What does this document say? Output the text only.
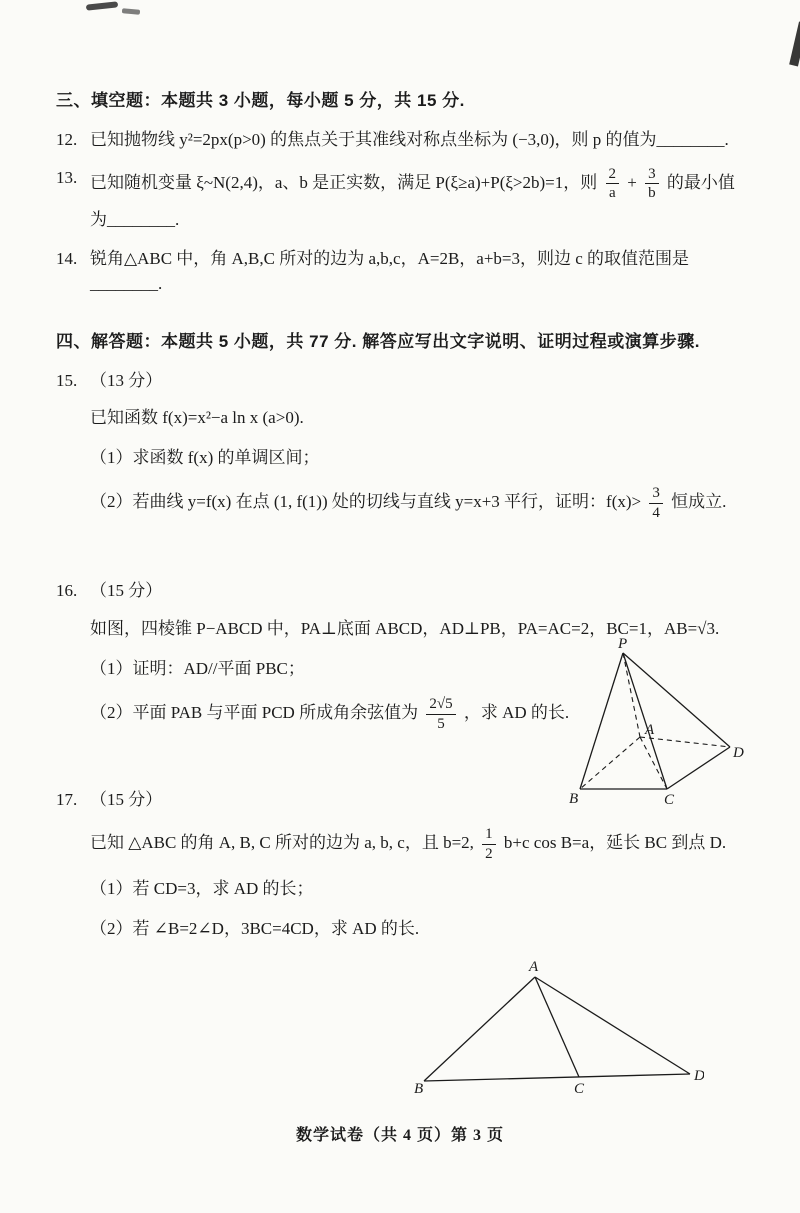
三、填空题：本题共 3 小题，每小题 5 分，共 15 分.
12. 已知抛物线 y²=2px(p>0) 的焦点关于其准线对称点坐标为 (−3,0)，则 p 的值为________.
13. 已知随机变量 ξ~N(2,4)，a、b 是正实数，满足 P(ξ≥a)+P(ξ>2b)=1，则 $\frac{2}{a} + \frac{3}{b}$ 的最小值
为________.
14. 锐角△ABC 中，角 A,B,C 所对的边为 a,b,c，A=2B，a+b=3，则边 c 的取值范围是________.
四、解答题：本题共 5 小题，共 77 分. 解答应写出文字说明、证明过程或演算步骤.
15. （13 分）
已知函数 f(x)=x²−a ln x (a>0).
（1）求函数 f(x) 的单调区间；
（2）若曲线 y=f(x) 在点 (1, f(1)) 处的切线与直线 y=x+3 平行，证明：$f(x)> \frac{3}{4}$ 恒成立.
16. （15 分）
如图，四棱锥 P−ABCD 中，PA⊥底面 ABCD，AD⊥PB，PA=AC=2，BC=1，AB=√3.
（1）证明：AD//平面 PBC；
（2）平面 PAB 与平面 PCD 所成角余弦值为 $\frac{2√5}{5}$ ，求 AD 的长.
P
A
B	C
D
17. （15 分）
已知 △ABC 的角 A, B, C 所对的边为 a, b, c，且 b=2, $\frac{1}{2} b+c$ cos B=a，延长 BC 到点 D.
（1）若 CD=3，求 AD 的长；
（2）若 ∠B=2∠D，3BC=4CD，求 AD 的长.
A
B	C
D
数学试卷（共 4 页）第 3 页
